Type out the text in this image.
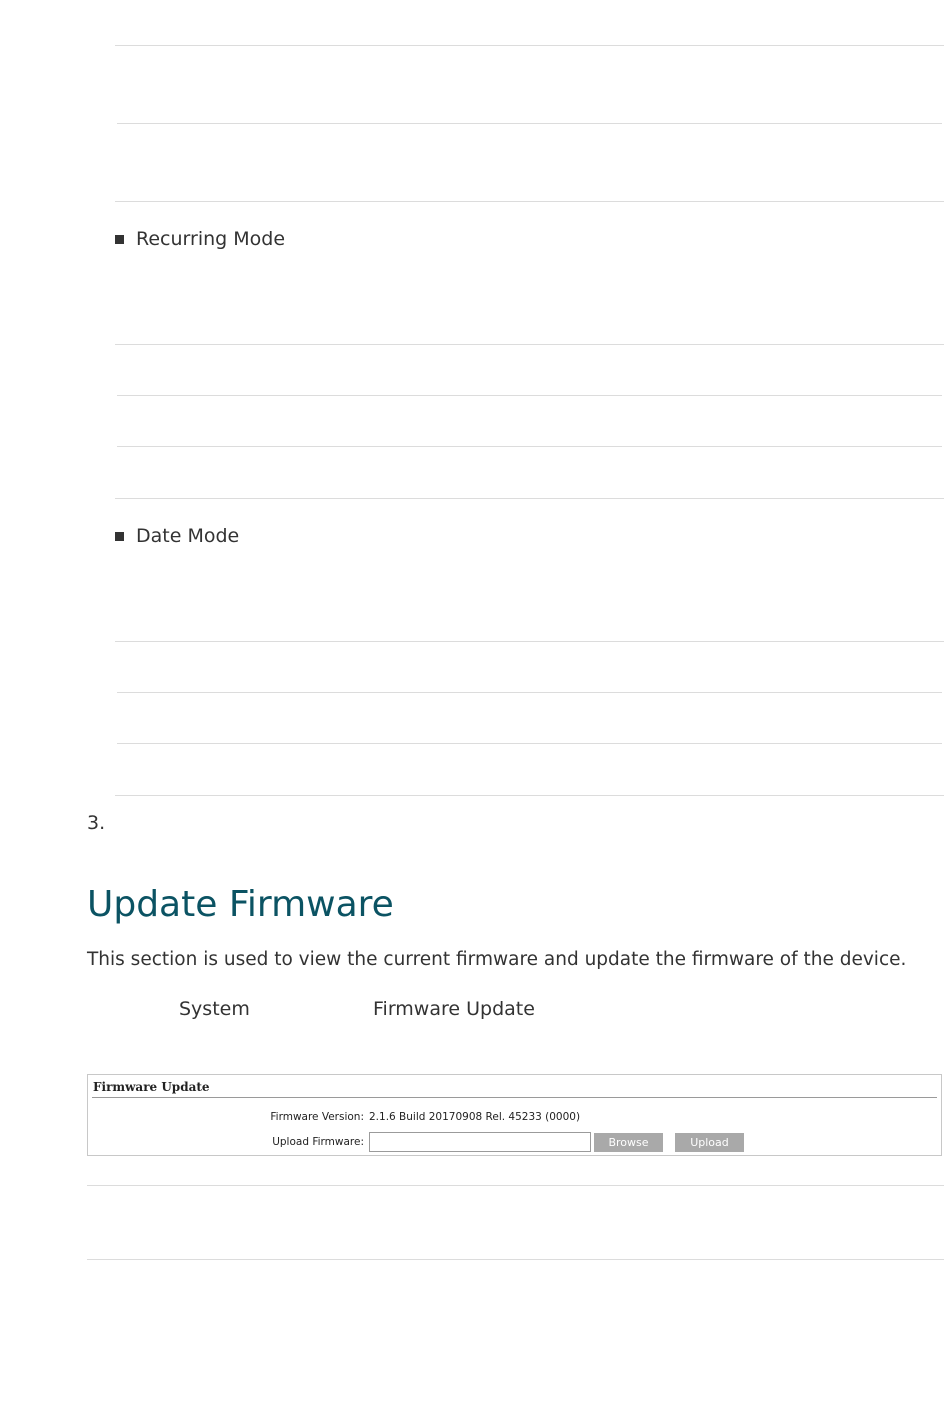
Recurring Mode
Date Mode
3.
Update Firmware
This section is used to view the current firmware and update the firmware of the device.
System	Firmware Update
Firmware Update
Firmware Version: 2.1.6 Build 20170908 Rel. 45233 (0000)
Upload Firmware:	Browse	Upload
